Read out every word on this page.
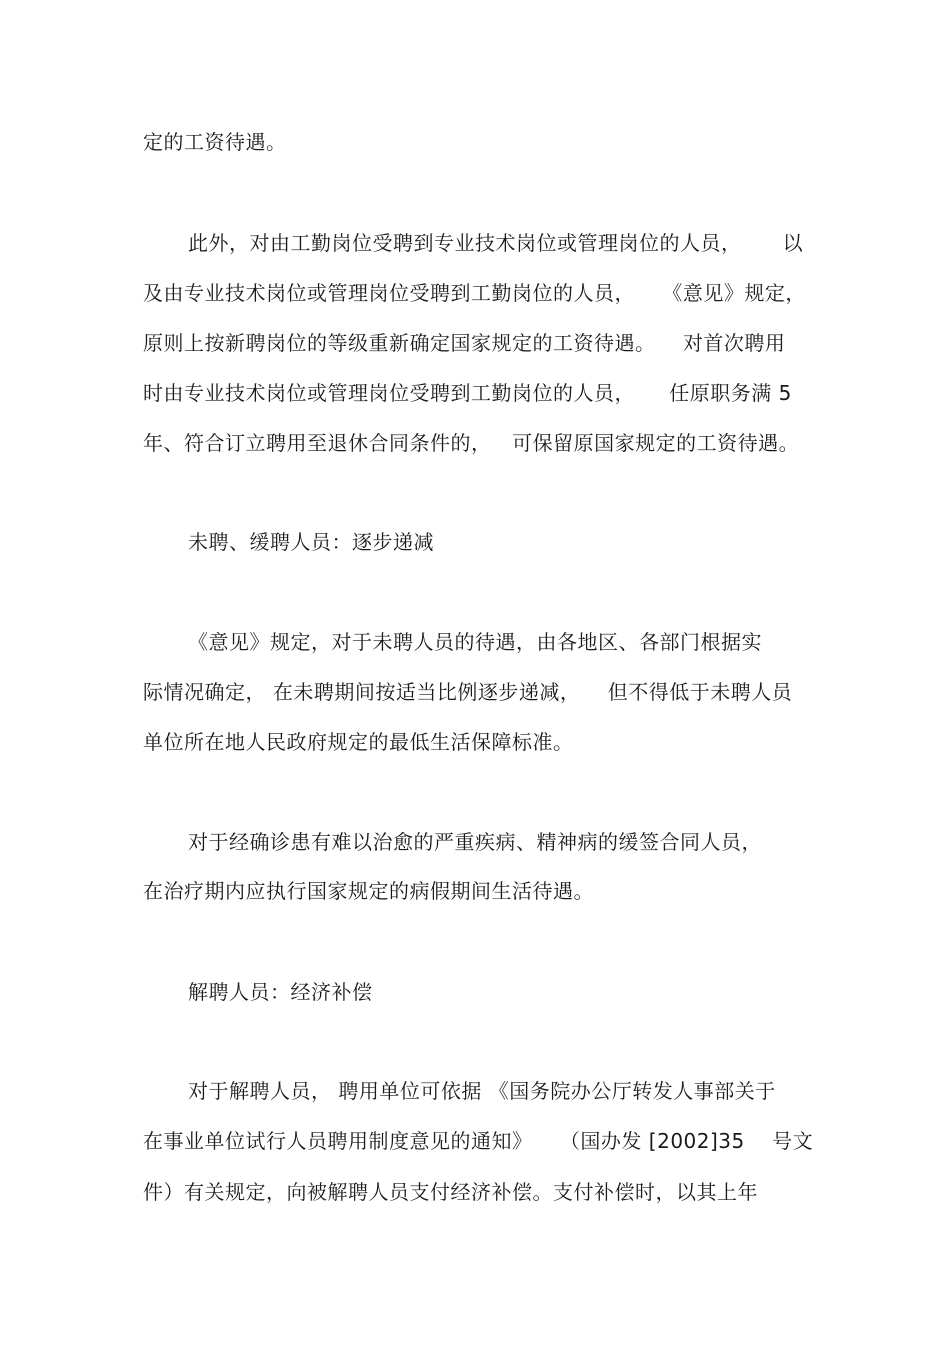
定的工资待遇。
此外，对由工勤岗位受聘到专业技术岗位或管理岗位的人员，      以
及由专业技术岗位或管理岗位受聘到工勤岗位的人员，    《意见》规定，
原则上按新聘岗位的等级重新确定国家规定的工资待遇。    对首次聘用
时由专业技术岗位或管理岗位受聘到工勤岗位的人员，     任原职务满 5
年、符合订立聘用至退休合同条件的，   可保留原国家规定的工资待遇。
未聘、缓聘人员：逐步递减
《意见》规定，对于未聘人员的待遇，由各地区、各部门根据实
际情况确定， 在未聘期间按适当比例逐步递减，    但不得低于未聘人员
单位所在地人民政府规定的最低生活保障标准。
对于经确诊患有难以治愈的严重疾病、精神病的缓签合同人员，
在治疗期内应执行国家规定的病假期间生活待遇。
解聘人员：经济补偿
对于解聘人员， 聘用单位可依据 《国务院办公厅转发人事部关于
在事业单位试行人员聘用制度意见的通知》    （国办发 [2002]35    号文
件）有关规定，向被解聘人员支付经济补偿。支付补偿时，以其上年
